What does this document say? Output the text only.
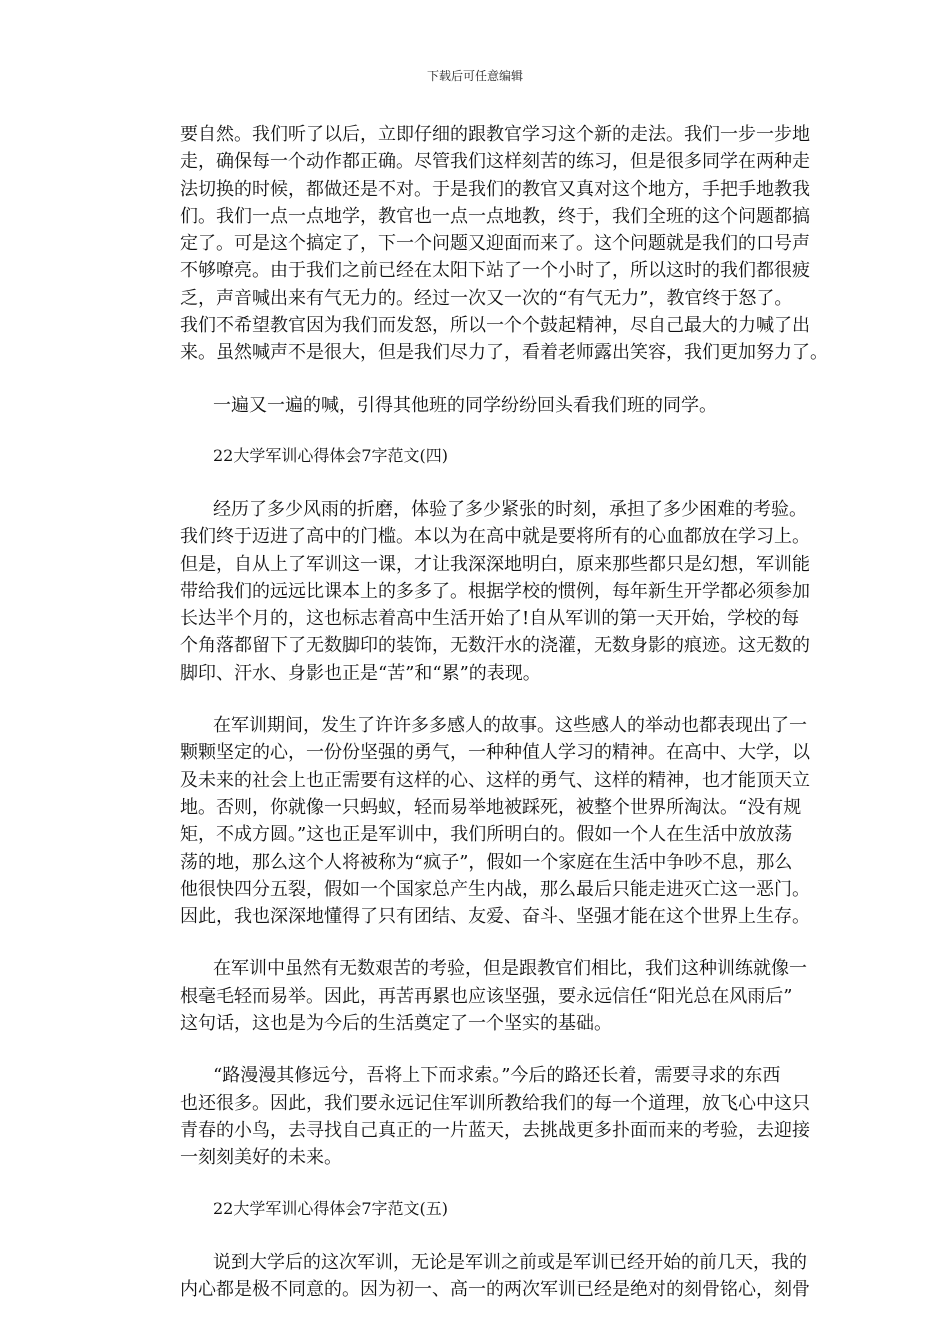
下载后可任意编辑
要自然。我们听了以后，立即仔细的跟教官学习这个新的走法。我们一步一步地
走，确保每一个动作都正确。尽管我们这样刻苦的练习，但是很多同学在两种走
法切换的时候，都做还是不对。于是我们的教官又真对这个地方，手把手地教我
们。我们一点一点地学，教官也一点一点地教，终于，我们全班的这个问题都搞
定了。可是这个搞定了，下一个问题又迎面而来了。这个问题就是我们的口号声
不够嘹亮。由于我们之前已经在太阳下站了一个小时了，所以这时的我们都很疲
乏，声音喊出来有气无力的。经过一次又一次的“有气无力”，教官终于怒了。
我们不希望教官因为我们而发怒，所以一个个鼓起精神，尽自己最大的力喊了出
来。虽然喊声不是很大，但是我们尽力了，看着老师露出笑容，我们更加努力了。
一遍又一遍的喊，引得其他班的同学纷纷回头看我们班的同学。
22大学军训心得体会7字范文(四)
经历了多少风雨的折磨，体验了多少紧张的时刻，承担了多少困难的考验。
我们终于迈进了高中的门槛。本以为在高中就是要将所有的心血都放在学习上。
但是，自从上了军训这一课，才让我深深地明白，原来那些都只是幻想，军训能
带给我们的远远比课本上的多多了。根据学校的惯例，每年新生开学都必须参加
长达半个月的，这也标志着高中生活开始了!自从军训的第一天开始，学校的每
个角落都留下了无数脚印的装饰，无数汗水的浇灌，无数身影的痕迹。这无数的
脚印、汗水、身影也正是“苦”和“累”的表现。
在军训期间，发生了许许多多感人的故事。这些感人的举动也都表现出了一
颗颗坚定的心，一份份坚强的勇气，一种种值人学习的精神。在高中、大学，以
及未来的社会上也正需要有这样的心、这样的勇气、这样的精神，也才能顶天立
地。否则，你就像一只蚂蚁，轻而易举地被踩死，被整个世界所淘汰。“没有规
矩，不成方圆。”这也正是军训中，我们所明白的。假如一个人在生活中放放荡
荡的地，那么这个人将被称为“疯子”，假如一个家庭在生活中争吵不息，那么
他很快四分五裂，假如一个国家总产生内战，那么最后只能走进灭亡这一恶门。
因此，我也深深地懂得了只有团结、友爱、奋斗、坚强才能在这个世界上生存。
在军训中虽然有无数艰苦的考验，但是跟教官们相比，我们这种训练就像一
根毫毛轻而易举。因此，再苦再累也应该坚强，要永远信任“阳光总在风雨后”
这句话，这也是为今后的生活奠定了一个坚实的基础。
“路漫漫其修远兮，吾将上下而求索。”今后的路还长着，需要寻求的东西
也还很多。因此，我们要永远记住军训所教给我们的每一个道理，放飞心中这只
青春的小鸟，去寻找自己真正的一片蓝天，去挑战更多扑面而来的考验，去迎接
一刻刻美好的未来。
22大学军训心得体会7字范文(五)
说到大学后的这次军训，无论是军训之前或是军训已经开始的前几天，我的
内心都是极不同意的。因为初一、高一的两次军训已经是绝对的刻骨铭心，刻骨
